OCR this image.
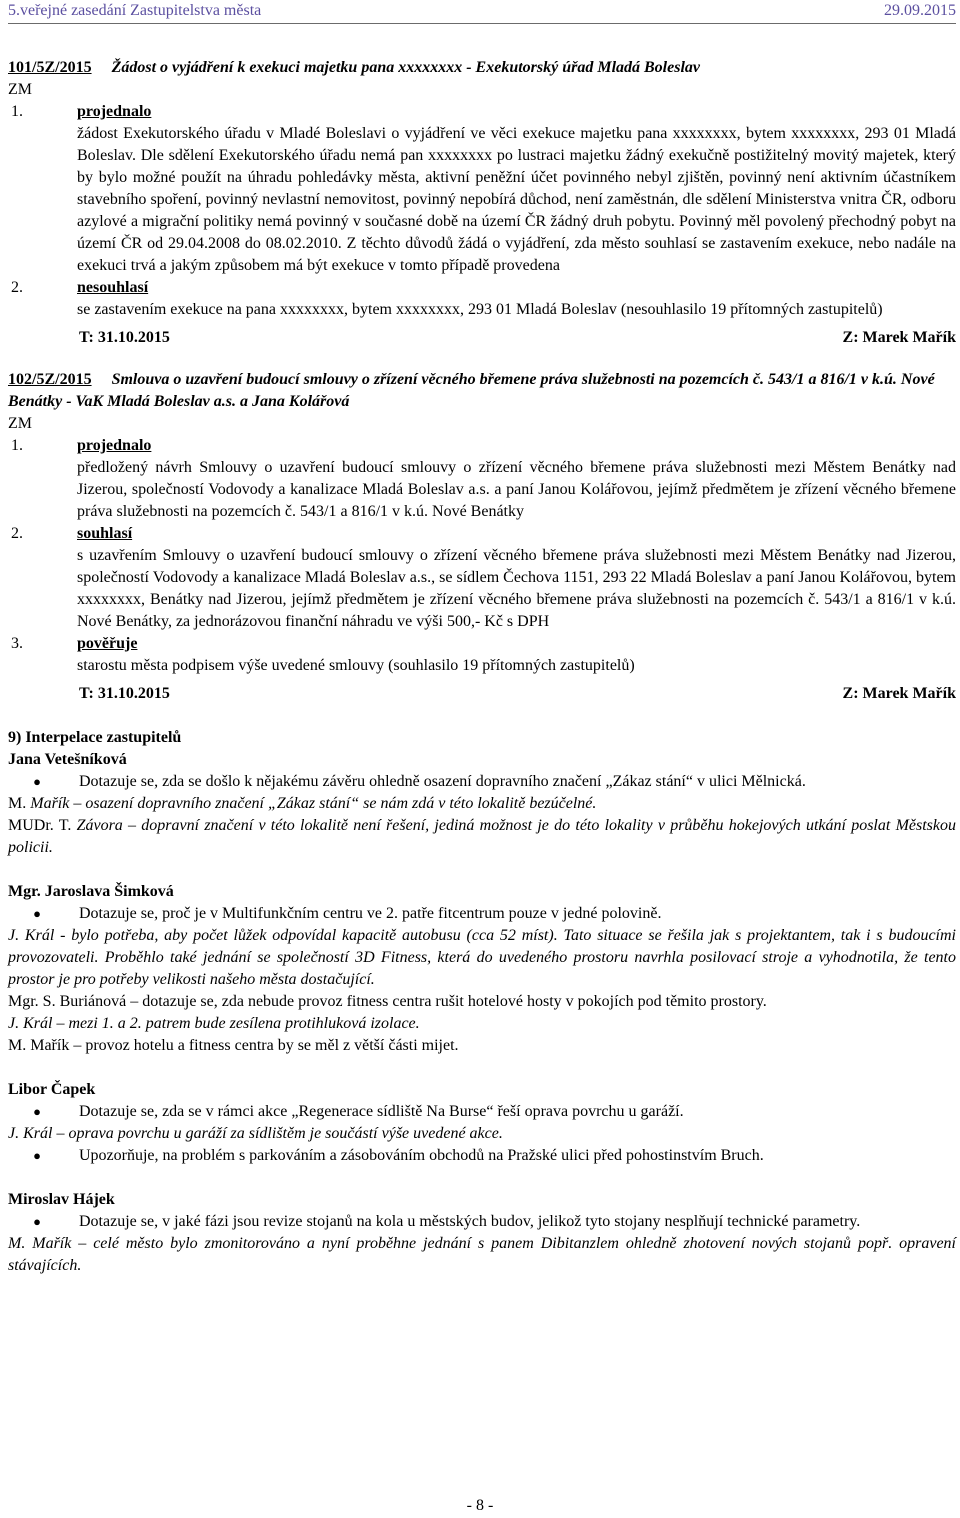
5.veřejné zasedání Zastupitelstva města	29.09.2015
101/5Z/2015 Žádost o vyjádření k exekuci majetku pana xxxxxxxx - Exekutorský úřad Mladá Boleslav
ZM
1.	projednalo
žádost Exekutorského úřadu v Mladé Boleslavi o vyjádření ve věci exekuce majetku pana xxxxxxxx, bytem xxxxxxxx, 293 01 Mladá Boleslav. Dle sdělení Exekutorského úřadu nemá pan xxxxxxxx po lustraci majetku žádný exekučně postižitelný movitý majetek, který by bylo možné použít na úhradu pohledávky města, aktivní peněžní účet povinného nebyl zjištěn, povinný není aktivním účastníkem stavebního spoření, povinný nevlastní nemovitost, povinný nepobírá důchod, není zaměstnán, dle sdělení Ministerstva vnitra ČR, odboru azylové a migrační politiky nemá povinný v současné době na území ČR žádný druh pobytu. Povinný měl povolený přechodný pobyt na území ČR od 29.04.2008 do 08.02.2010. Z těchto důvodů žádá o vyjádření, zda město souhlasí se zastavením exekuce, nebo nadále na exekuci trvá a jakým způsobem má být exekuce v tomto případě provedena
2.	nesouhlasí
se zastavením exekuce na pana xxxxxxxx, bytem xxxxxxxx, 293 01 Mladá Boleslav (nesouhlasilo 19 přítomných zastupitelů)
T: 31.10.2015	Z: Marek Mařík
102/5Z/2015 Smlouva o uzavření budoucí smlouvy o zřízení věcného břemene práva služebnosti na pozemcích č. 543/1 a 816/1 v k.ú. Nové Benátky - VaK Mladá Boleslav a.s. a Jana Kolářová
ZM
1.	projednalo
předložený návrh Smlouvy o uzavření budoucí smlouvy o zřízení věcného břemene práva služebnosti mezi Městem Benátky nad Jizerou, společností Vodovody a kanalizace Mladá Boleslav a.s. a paní Janou Kolářovou, jejímž předmětem je zřízení věcného břemene práva služebnosti na pozemcích č. 543/1 a 816/1 v k.ú. Nové Benátky
2.	souhlasí
s uzavřením Smlouvy o uzavření budoucí smlouvy o zřízení věcného břemene práva služebnosti mezi Městem Benátky nad Jizerou, společností Vodovody a kanalizace Mladá Boleslav a.s., se sídlem Čechova 1151, 293 22 Mladá Boleslav a paní Janou Kolářovou, bytem xxxxxxxx, Benátky nad Jizerou, jejímž předmětem je zřízení věcného břemene práva služebnosti na pozemcích č. 543/1 a 816/1 v k.ú. Nové Benátky, za jednorázovou finanční náhradu ve výši 500,- Kč s DPH
3.	pověřuje
starostu města podpisem výše uvedené smlouvy (souhlasilo 19 přítomných zastupitelů)
T: 31.10.2015	Z: Marek Mařík
9) Interpelace zastupitelů
Jana Vetešníková
●	Dotazuje se, zda se došlo k nějakému závěru ohledně osazení dopravního značení „Zákaz stání“ v ulici Mělnická.
M. Mařík – osazení dopravního značení „Zákaz stání“ se nám zdá v této lokalitě bezúčelné.
MUDr. T. Závora – dopravní značení v této lokalitě není řešení, jediná možnost je do této lokality v průběhu hokejových utkání poslat Městskou policii.
Mgr. Jaroslava Šimková
●	Dotazuje se, proč je v Multifunkčním centru ve 2. patře fitcentrum pouze v jedné polovině.
J. Král - bylo potřeba, aby počet lůžek odpovídal kapacitě autobusu (cca 52 míst). Tato situace se řešila jak s projektantem, tak i s budoucími provozovateli. Proběhlo také jednání se společností 3D Fitness, která do uvedeného prostoru navrhla posilovací stroje a vyhodnotila, že tento prostor je pro potřeby velikosti našeho města dostačující.
Mgr. S. Buriánová – dotazuje se, zda nebude provoz fitness centra rušit hotelové hosty v pokojích pod těmito prostory.
J. Král – mezi 1. a 2. patrem bude zesílena protihluková izolace.
M. Mařík – provoz hotelu a fitness centra by se měl z větší části mijet.
Libor Čapek
●	Dotazuje se, zda se v rámci akce „Regenerace sídliště Na Burse“ řeší oprava povrchu u garáží.
J. Král – oprava povrchu u garáží za sídlištěm je součástí výše uvedené akce.
●	Upozorňuje, na problém s parkováním a zásobováním obchodů na Pražské ulici před pohostinstvím Bruch.
Miroslav Hájek
●	Dotazuje se, v jaké fázi jsou revize stojanů na kola u městských budov, jelikož tyto stojany nesplňují technické parametry.
M. Mařík – celé město bylo zmonitorováno a nyní proběhne jednání s panem Dibitanzlem ohledně zhotovení nových stojanů popř. opravení stávajících.
- 8 -
